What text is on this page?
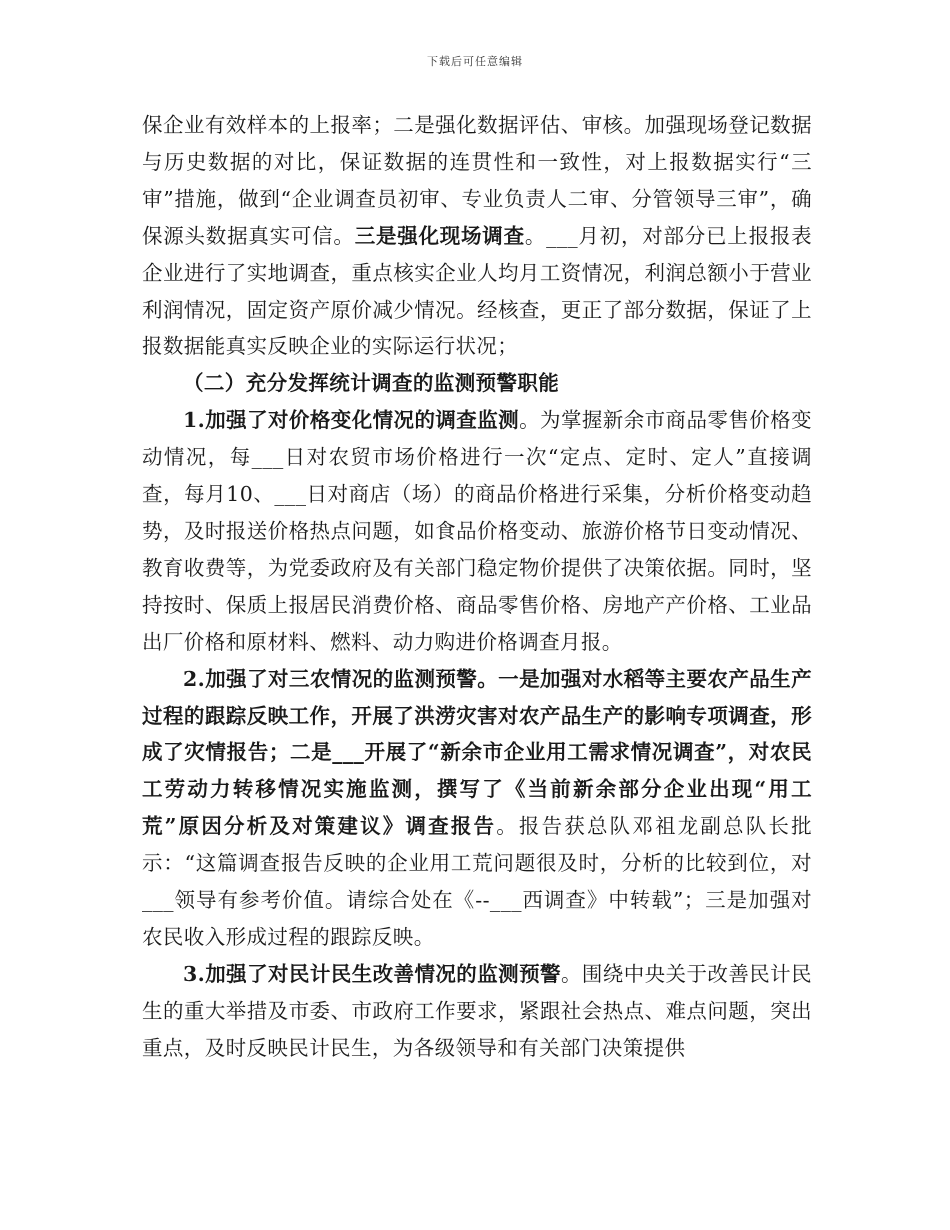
下载后可任意编辑

保企业有效样本的上报率；二是强化数据评估、审核。加强现场登记数据与历史数据的对比，保证数据的连贯性和一致性，对上报数据实行“三审”措施，做到“企业调查员初审、专业负责人二审、分管领导三审”，确保源头数据真实可信。三是强化现场调查。___月初，对部分已上报报表企业进行了实地调查，重点核实企业人均月工资情况，利润总额小于营业利润情况，固定资产原价减少情况。经核查，更正了部分数据，保证了上报数据能真实反映企业的实际运行状况；

（二）充分发挥统计调查的监测预警职能

1.加强了对价格变化情况的调查监测。为掌握新余市商品零售价格变动情况，每___日对农贸市场价格进行一次“定点、定时、定人”直接调查，每月10、___日对商店（场）的商品价格进行采集，分析价格变动趋势，及时报送价格热点问题，如食品价格变动、旅游价格节日变动情况、教育收费等，为党委政府及有关部门稳定物价提供了决策依据。同时，坚持按时、保质上报居民消费价格、商品零售价格、房地产产价格、工业品出厂价格和原材料、燃料、动力购进价格调查月报。

2.加强了对三农情况的监测预警。一是加强对水稻等主要农产品生产过程的跟踪反映工作，开展了洪涝灾害对农产品生产的影响专项调查，形成了灾情报告；二是___开展了“新余市企业用工需求情况调查”，对农民工劳动力转移情况实施监测，撰写了《当前新余部分企业出现“用工荒”原因分析及对策建议》调查报告。报告获总队邓祖龙副总队长批示：“这篇调查报告反映的企业用工荒问题很及时，分析的比较到位，对___领导有参考价值。请综合处在《--___西调查》中转载”；三是加强对农民收入形成过程的跟踪反映。

3.加强了对民计民生改善情况的监测预警。围绕中央关于改善民计民生的重大举措及市委、市政府工作要求，紧跟社会热点、难点问题，突出重点，及时反映民计民生，为各级领导和有关部门决策提供
